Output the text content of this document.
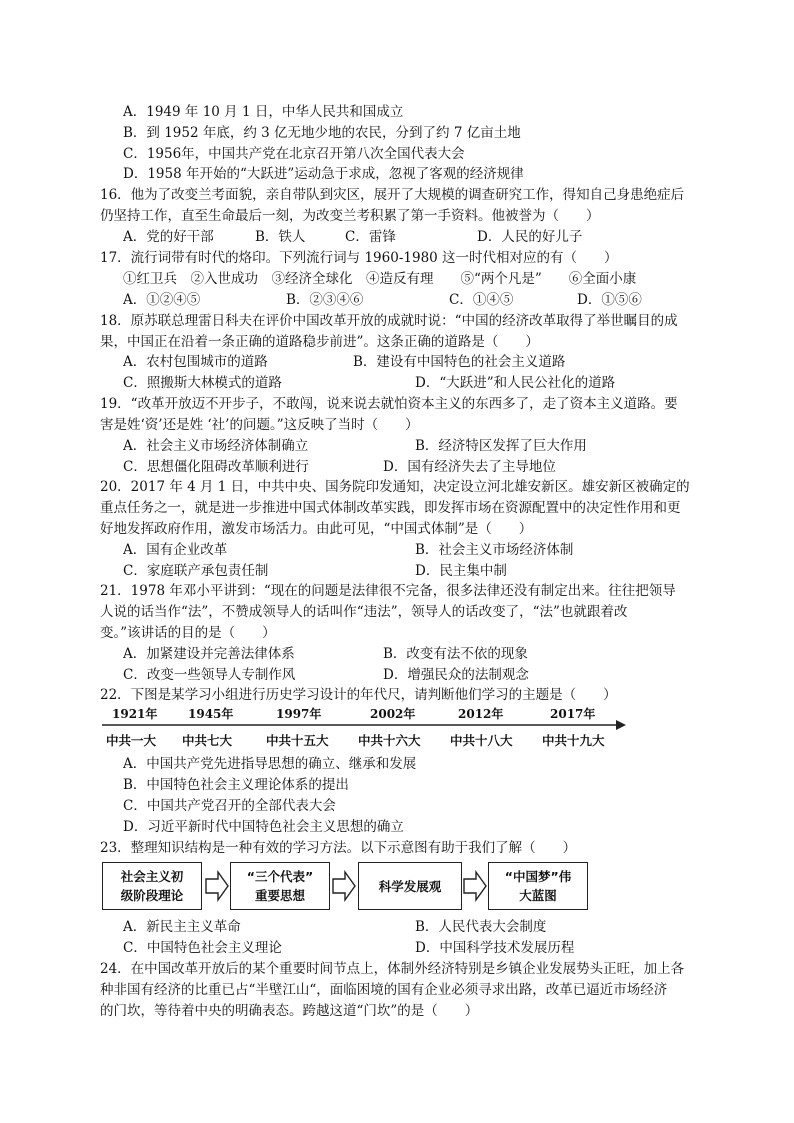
A．1949 年 10 月 1 日，中华人民共和国成立
B．到 1952 年底，约 3 亿无地少地的农民，分到了约 7 亿亩土地
C．1956年，中国共产党在北京召开第八次全国代表大会
D．1958 年开始的“大跃进”运动急于求成，忽视了客观的经济规律
16．他为了改变兰考面貌，亲自带队到灾区，展开了大规模的调查研究工作，得知自己身患绝症后
仍坚持工作，直至生命最后一刻，为改变兰考积累了第一手资料。他被誉为（　　）
A．党的好干部	B．铁人	C．雷锋	D．人民的好儿子
17．流行词带有时代的烙印。下列流行词与 1960-1980 这一时代相对应的有（　　）
①红卫兵　②入世成功　③经济全球化　④造反有理　　⑤“两个凡是”　　⑥全面小康
A．①②④⑤	B．②③④⑥	C．①④⑤	D．①⑤⑥
18．原苏联总理雷日科夫在评价中国改革开放的成就时说：“中国的经济改革取得了举世瞩目的成
果，中国正在沿着一条正确的道路稳步前进”。这条正确的道路是（　　）
A．农村包围城市的道路	B．建设有中国特色的社会主义道路
C．照搬斯大林模式的道路	D．“大跃进”和人民公社化的道路
19．“改革开放迈不开步子，不敢闯，说来说去就怕资本主义的东西多了，走了资本主义道路。要
害是姓‘资’还是姓 ‘社’的问题。”这反映了当时（　　）
A．社会主义市场经济体制确立	B．经济特区发挥了巨大作用
C．思想僵化阻碍改革顺利进行	D．国有经济失去了主导地位
20．2017 年 4 月 1 日，中共中央、国务院印发通知，决定设立河北雄安新区。雄安新区被确定的
重点任务之一，就是进一步推进中国式体制改革实践，即发挥市场在资源配置中的决定性作用和更
好地发挥政府作用，激发市场活力。由此可见，“中国式体制”是（　　）
A．国有企业改革	B．社会主义市场经济体制
C．家庭联产承包责任制	D．民主集中制
21．1978 年邓小平讲到：“现在的问题是法律很不完备，很多法律还没有制定出来。往往把领导
人说的话当作“法”，不赞成领导人的话叫作“违法”，领导人的话改变了，“法”也就跟着改
变。”该讲话的目的是（　　）
A．加紧建设并完善法律体系	B．改变有法不依的现象
C．改变一些领导人专制作风	D．增强民众的法制观念
22．下图是某学习小组进行历史学习设计的年代尺，请判断他们学习的主题是（　　）
1921年	1945年	1997年	2002年	2012年	2017年
中共一大 中共七大	中共十五大 中共十六大 中共十八大 中共十九大
A．中国共产党先进指导思想的确立、继承和发展
B．中国特色社会主义理论体系的提出
C．中国共产党召开的全部代表大会
D．习近平新时代中国特色社会主义思想的确立
23．整理知识结构是一种有效的学习方法。以下示意图有助于我们了解（　　）
社会主义初
级阶段理论
“三个代表”
重要思想
科学发展观
“中国梦”伟
大蓝图
A．新民主主义革命	B．人民代表大会制度
C．中国特色社会主义理论	D．中国科学技术发展历程
24．在中国改革开放后的某个重要时间节点上，体制外经济特别是乡镇企业发展势头正旺，加上各
种非国有经济的比重已占“半壁江山“，面临困境的国有企业必须寻求出路，改革已逼近市场经济
的门坎，等待着中央的明确表态。跨越这道“门坎”的是（　　）
